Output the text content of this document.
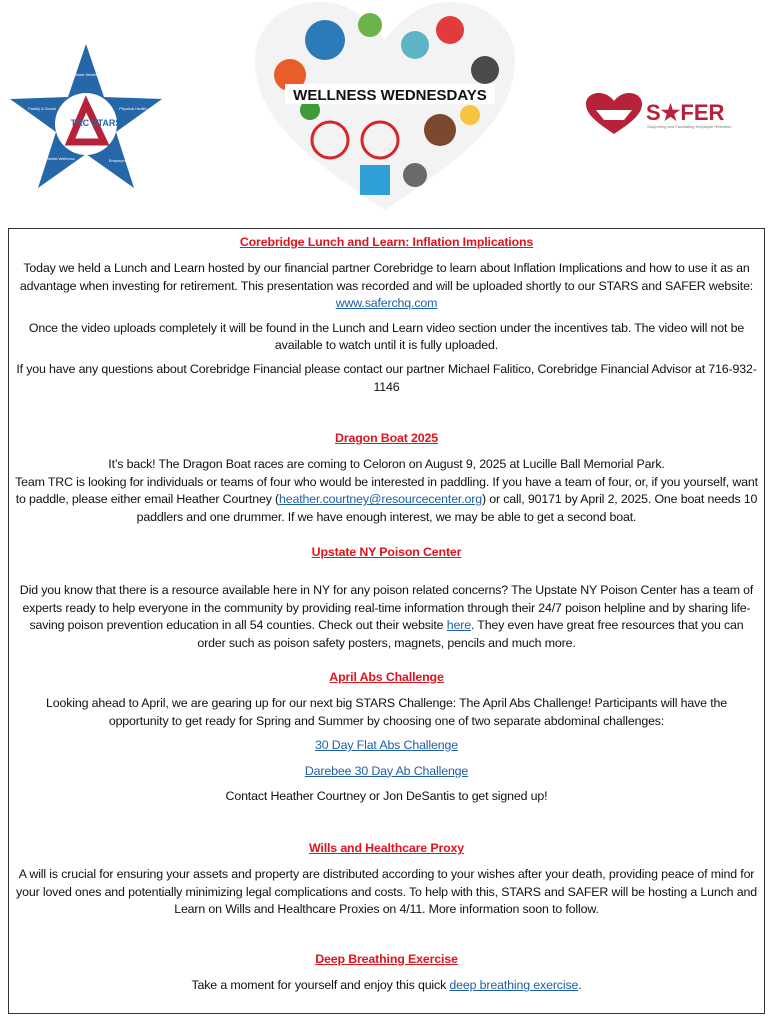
TRC STARS
Basic Needs
Physical Health
Employment
Mental Wellness
Family & Social
WELLNESS WEDNESDAYS
S★FER
Supporting and Facilitating Employee Retention

Corebridge Lunch and Learn: Inflation Implications

Today we held a Lunch and Learn hosted by our financial partner Corebridge to learn about Inflation Implications and how to use it as an advantage when investing for retirement. This presentation was recorded and will be uploaded shortly to our STARS and SAFER website: www.saferchq.com

Once the video uploads completely it will be found in the Lunch and Learn video section under the incentives tab. The video will not be available to watch until it is fully uploaded.

If you have any questions about Corebridge Financial please contact our partner Michael Falitico, Corebridge Financial Advisor at 716-932-1146

Dragon Boat 2025

It’s back! The Dragon Boat races are coming to Celoron on August 9, 2025 at Lucille Ball Memorial Park.

Team TRC is looking for individuals or teams of four who would be interested in paddling. If you have a team of four, or, if you yourself, want to paddle, please either email Heather Courtney (heather.courtney@resourcecenter.org) or call, 90171 by April 2, 2025. One boat needs 10 paddlers and one drummer. If we have enough interest, we may be able to get a second boat.

Upstate NY Poison Center

Did you know that there is a resource available here in NY for any poison related concerns? The Upstate NY Poison Center has a team of experts ready to help everyone in the community by providing real-time information through their 24/7 poison helpline and by sharing life-saving poison prevention education in all 54 counties. Check out their website here. They even have great free resources that you can order such as poison safety posters, magnets, pencils and much more.

April Abs Challenge

Looking ahead to April, we are gearing up for our next big STARS Challenge: The April Abs Challenge! Participants will have the opportunity to get ready for Spring and Summer by choosing one of two separate abdominal challenges:

30 Day Flat Abs Challenge

Darebee 30 Day Ab Challenge

Contact Heather Courtney or Jon DeSantis to get signed up!

Wills and Healthcare Proxy

A will is crucial for ensuring your assets and property are distributed according to your wishes after your death, providing peace of mind for your loved ones and potentially minimizing legal complications and costs. To help with this, STARS and SAFER will be hosting a Lunch and Learn on Wills and Healthcare Proxies on 4/11. More information soon to follow.

Deep Breathing Exercise

Take a moment for yourself and enjoy this quick deep breathing exercise.
